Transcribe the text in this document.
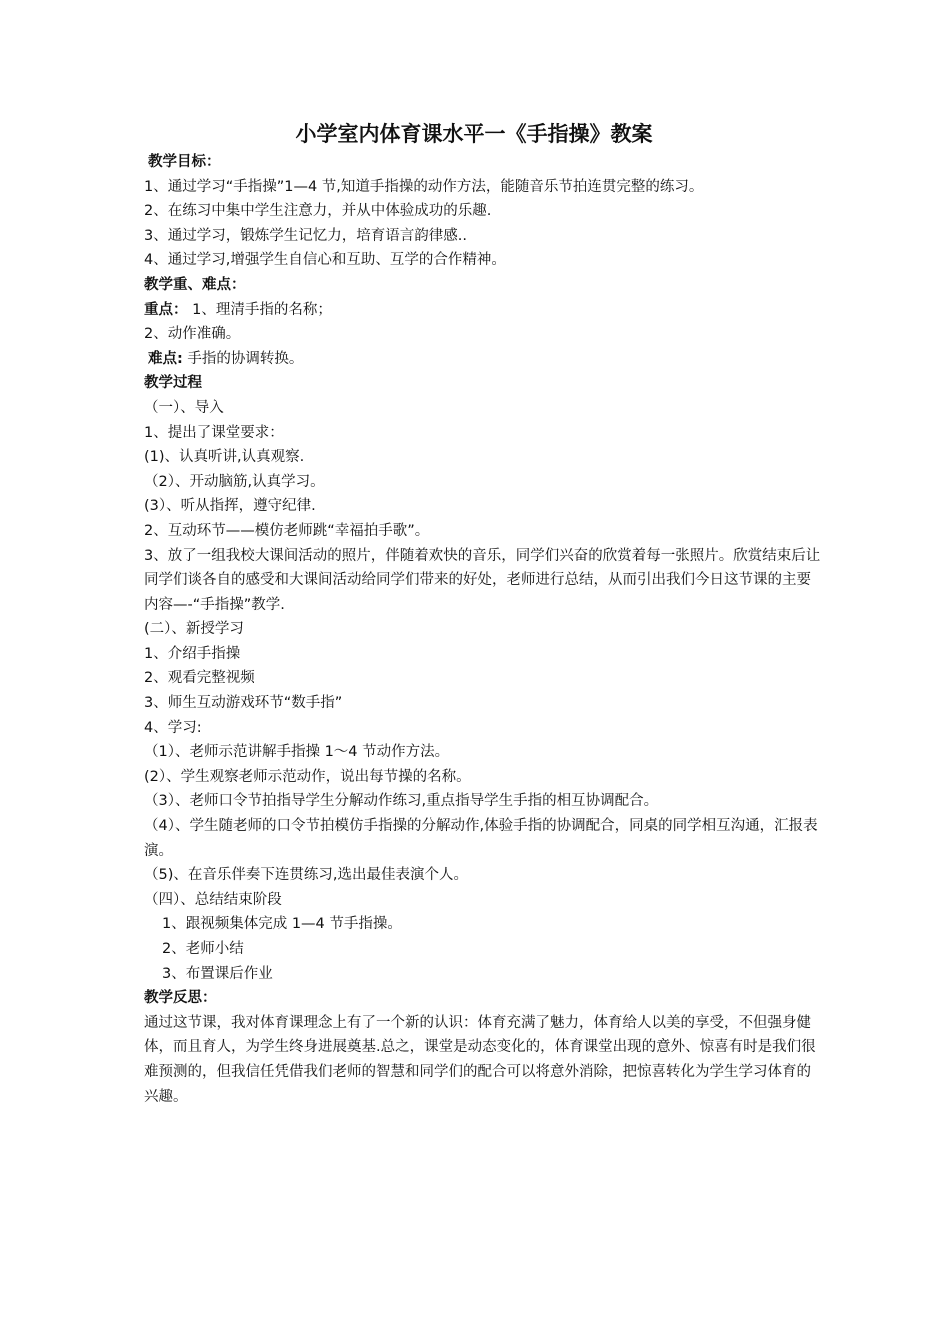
小学室内体育课水平一《手指操》教案
教学目标：
1、通过学习“手指操”1—4 节,知道手指操的动作方法，能随音乐节拍连贯完整的练习。
2、在练习中集中学生注意力，并从中体验成功的乐趣.
3、通过学习，锻炼学生记忆力，培育语言韵律感..
4、通过学习,增强学生自信心和互助、互学的合作精神。
教学重、难点：
重点： 1、理清手指的名称；
2、动作准确。
难点: 手指的协调转换。
教学过程
（一）、导入
1、提出了课堂要求：
(1)、认真听讲,认真观察.
（2）、开动脑筋,认真学习。
(3）、听从指挥，遵守纪律.
2、互动环节——模仿老师跳“幸福拍手歌”。
3、放了一组我校大课间活动的照片，伴随着欢快的音乐，同学们兴奋的欣赏着每一张照片。欣赏结束后让同学们谈各自的感受和大课间活动给同学们带来的好处，老师进行总结，从而引出我们今日这节课的主要内容—-“手指操”教学.
(二）、新授学习
1、介绍手指操
2、观看完整视频
3、师生互动游戏环节“数手指”
4、学习:
（1）、老师示范讲解手指操 1～4 节动作方法。
(2）、学生观察老师示范动作，说出每节操的名称。
（3）、老师口令节拍指导学生分解动作练习,重点指导学生手指的相互协调配合。
（4）、学生随老师的口令节拍模仿手指操的分解动作,体验手指的协调配合，同桌的同学相互沟通，汇报表演。
（5)、在音乐伴奏下连贯练习,选出最佳表演个人。
（四）、总结结束阶段
1、跟视频集体完成 1—4 节手指操。
2、老师小结
3、布置课后作业
教学反思：
通过这节课，我对体育课理念上有了一个新的认识：体育充满了魅力，体育给人以美的享受，不但强身健体，而且育人，为学生终身进展奠基.总之，课堂是动态变化的，体育课堂出现的意外、惊喜有时是我们很难预测的，但我信任凭借我们老师的智慧和同学们的配合可以将意外消除，把惊喜转化为学生学习体育的兴趣。
